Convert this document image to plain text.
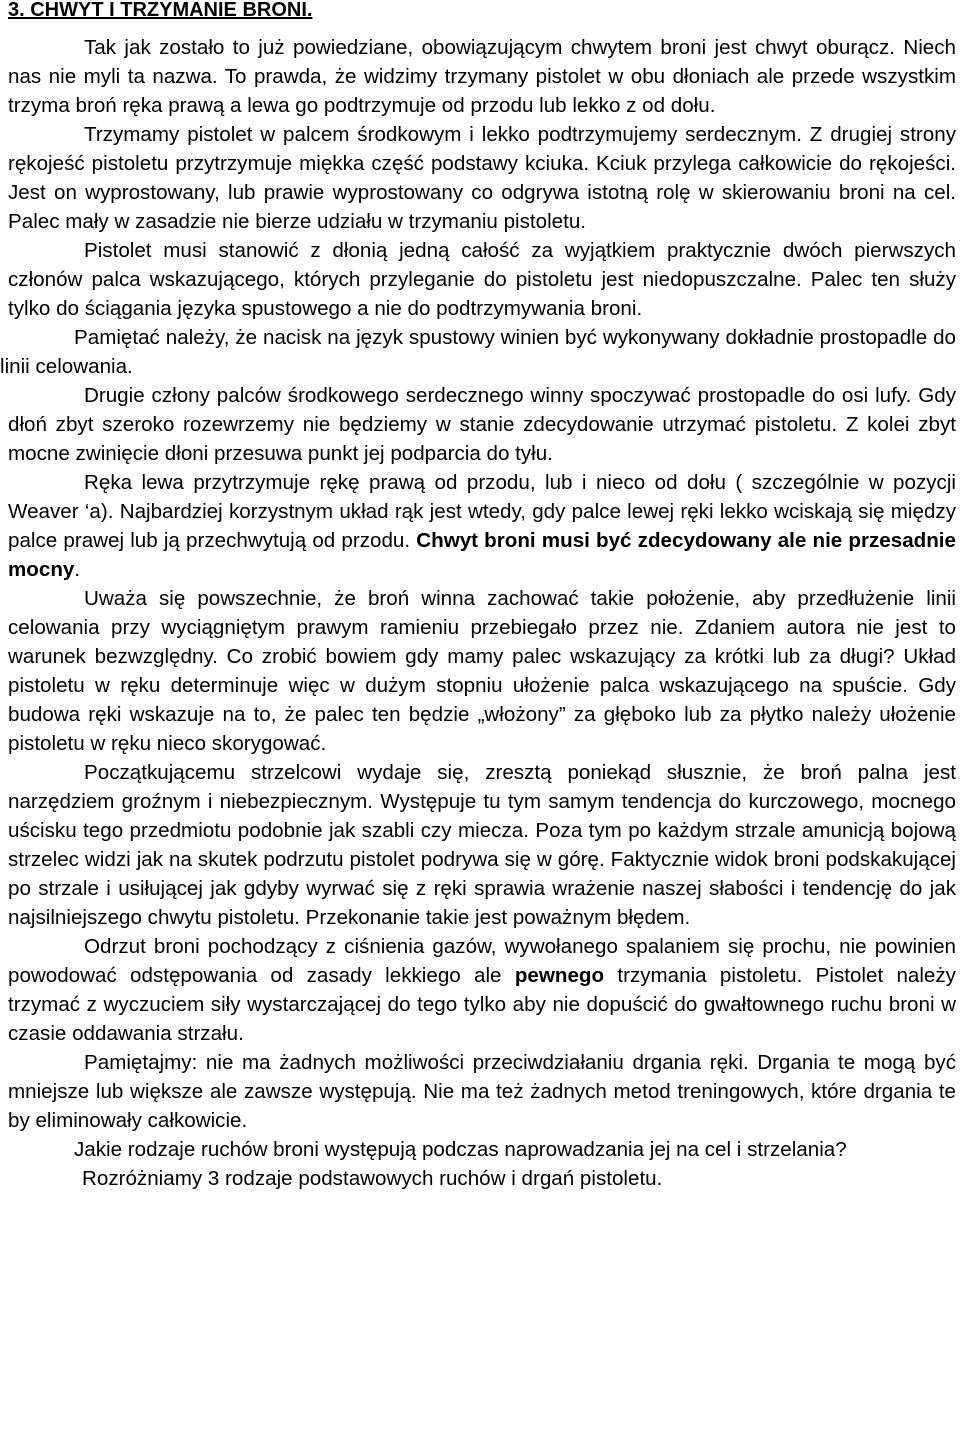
3. CHWYT I TRZYMANIE BRONI.

Tak jak zostało to już powiedziane, obowiązującym chwytem broni jest chwyt oburącz. Niech nas nie myli ta nazwa. To prawda, że widzimy trzymany pistolet w obu dłoniach ale przede wszystkim trzyma broń ręka prawą a lewa go podtrzymuje od przodu lub lekko z od dołu.

Trzymamy pistolet w palcem środkowym i lekko podtrzymujemy serdecznym. Z drugiej strony rękojeść pistoletu przytrzymuje miękka część podstawy kciuka. Kciuk przylega całkowicie do rękojeści. Jest on wyprostowany, lub prawie wyprostowany co odgrywa istotną rolę w skierowaniu broni na cel. Palec mały w zasadzie nie bierze udziału w trzymaniu pistoletu.

Pistolet musi stanowić z dłonią jedną całość za wyjątkiem praktycznie dwóch pierwszych członów palca wskazującego, których przyleganie do pistoletu jest niedopuszczalne. Palec ten służy tylko do ściągania języka spustowego a nie do podtrzymywania broni.

Pamiętać należy, że nacisk na język spustowy winien być wykonywany dokładnie prostopadle do linii celowania.

Drugie człony palców środkowego serdecznego winny spoczywać prostopadle do osi lufy. Gdy dłoń zbyt szeroko rozewrzemy nie będziemy w stanie zdecydowanie utrzymać pistoletu. Z kolei zbyt mocne zwinięcie dłoni przesuwa punkt jej podparcia do tyłu.

Ręka lewa przytrzymuje rękę prawą od przodu, lub i nieco od dołu ( szczególnie w pozycji Weaver ‘a). Najbardziej korzystnym układ rąk jest wtedy, gdy palce lewej ręki lekko wciskają się między palce prawej lub ją przechwytują od przodu. Chwyt broni musi być zdecydowany ale nie przesadnie mocny.

Uważa się powszechnie, że broń winna zachować takie położenie, aby przedłużenie linii celowania przy wyciągniętym prawym ramieniu przebiegało przez nie. Zdaniem autora nie jest to warunek bezwzględny. Co zrobić bowiem gdy mamy palec wskazujący za krótki lub za długi? Układ pistoletu w ręku determinuje więc w dużym stopniu ułożenie palca wskazującego na spuście. Gdy budowa ręki wskazuje na to, że palec ten będzie „włożony” za głęboko lub za płytko należy ułożenie pistoletu w ręku nieco skorygować.

Początkującemu strzelcowi wydaje się, zresztą poniekąd słusznie, że broń palna jest narzędziem groźnym i niebezpiecznym. Występuje tu tym samym tendencja do kurczowego, mocnego uścisku tego przedmiotu podobnie jak szabli czy miecza. Poza tym po każdym strzale amunicją bojową strzelec widzi jak na skutek podrzutu pistolet podrywa się w górę. Faktycznie widok broni podskakującej po strzale i usiłującej jak gdyby wyrwać się z ręki sprawia wrażenie naszej słabości i tendencję do jak najsilniejszego chwytu pistoletu. Przekonanie takie jest poważnym błędem.

Odrzut broni pochodzący z ciśnienia gazów, wywołanego spalaniem się prochu, nie powinien powodować odstępowania od zasady lekkiego ale pewnego trzymania pistoletu. Pistolet należy trzymać z wyczuciem siły wystarczającej do tego tylko aby nie dopuścić do gwałtownego ruchu broni w czasie oddawania strzału.

Pamiętajmy: nie ma żadnych możliwości przeciwdziałaniu drgania ręki. Drgania te mogą być mniejsze lub większe ale zawsze występują. Nie ma też żadnych metod treningowych, które drgania te by eliminowały całkowicie.

Jakie rodzaje ruchów broni występują podczas naprowadzania jej na cel i strzelania?

Rozróżniamy 3 rodzaje podstawowych ruchów i drgań pistoletu.
